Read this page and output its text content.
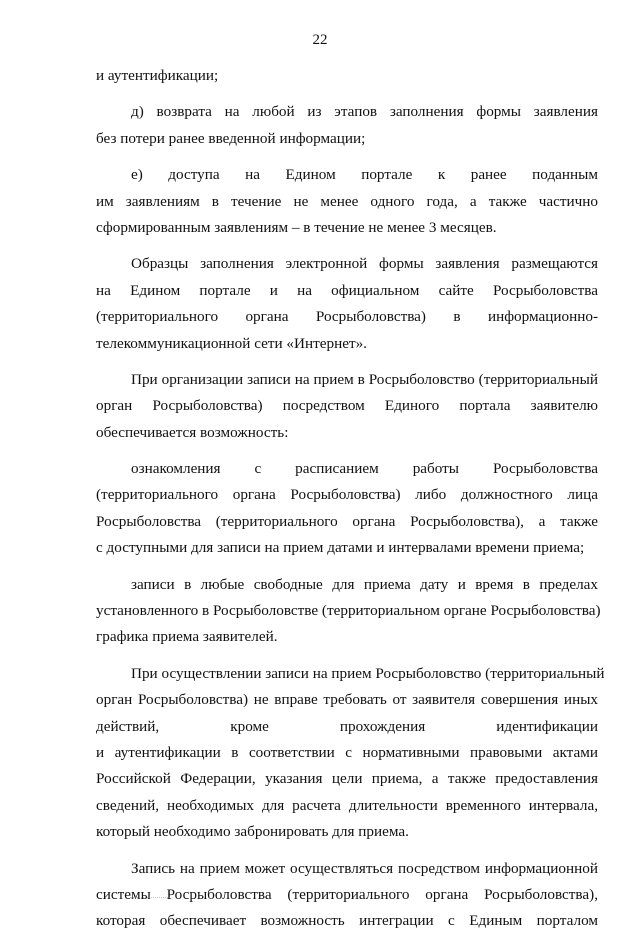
22

и аутентификации;

д) возврата на любой из этапов заполнения формы заявления
без потери ранее введенной информации;

е) доступа на Едином портале к ранее поданным
им заявлениям в течение не менее одного года, а также частично
сформированным заявлениям – в течение не менее 3 месяцев.

Образцы заполнения электронной формы заявления размещаются
на Едином портале и на официальном сайте Росрыболовства
(территориального органа Росрыболовства) в информационно-
телекоммуникационной сети «Интернет».

При организации записи на прием в Росрыболовство (территориальный
орган Росрыболовства) посредством Единого портала заявителю
обеспечивается возможность:

ознакомления с расписанием работы Росрыболовства
(территориального органа Росрыболовства) либо должностного лица
Росрыболовства (территориального органа Росрыболовства), а также
с доступными для записи на прием датами и интервалами времени приема;

записи в любые свободные для приема дату и время в пределах
установленного в Росрыболовстве (территориальном органе Росрыболовства)
графика приема заявителей.

При осуществлении записи на прием Росрыболовство (территориальный
орган Росрыболовства) не вправе требовать от заявителя совершения иных
действий, кроме прохождения идентификации
и аутентификации в соответствии с нормативными правовыми актами
Российской Федерации, указания цели приема, а также предоставления
сведений, необходимых для расчета длительности временного интервала,
который необходимо забронировать для приема.

Запись на прием может осуществляться посредством информационной
системы Росрыболовства (территориального органа Росрыболовства),
которая обеспечивает возможность интеграции с Единым порталом
